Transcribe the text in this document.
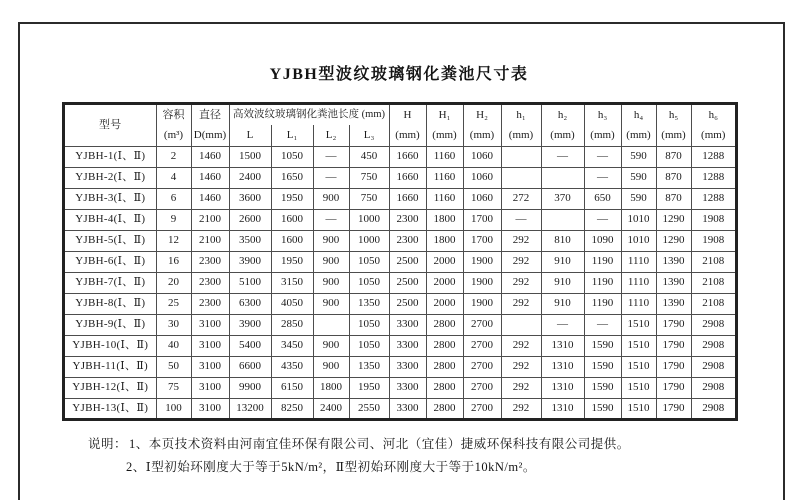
YJBH型波纹玻璃钢化粪池尺寸表
型号	容积	直径	高效波纹玻璃钢化粪池长度 (mm)				H	H₁	H₂	h₁	h₂	h₃	h₄	h₅	h₆
	(m³)	D(mm)	L	L₁	L₂	L₃	(mm)	(mm)	(mm)	(mm)	(mm)	(mm)	(mm)	(mm)	(mm)
YJBH-1(Ⅰ、Ⅱ)	2	1460	1500	1050	—	450	1660	1160	1060		—	—	590	870	1288
YJBH-2(Ⅰ、Ⅱ)	4	1460	2400	1650	—	750	1660	1160	1060			—	590	870	1288
YJBH-3(Ⅰ、Ⅱ)	6	1460	3600	1950	900	750	1660	1160	1060	272	370	650	590	870	1288
YJBH-4(Ⅰ、Ⅱ)	9	2100	2600	1600	—	1000	2300	1800	1700	—		—	1010	1290	1908
YJBH-5(Ⅰ、Ⅱ)	12	2100	3500	1600	900	1000	2300	1800	1700	292	810	1090	1010	1290	1908
YJBH-6(Ⅰ、Ⅱ)	16	2300	3900	1950	900	1050	2500	2000	1900	292	910	1190	1110	1390	2108
YJBH-7(Ⅰ、Ⅱ)	20	2300	5100	3150	900	1050	2500	2000	1900	292	910	1190	1110	1390	2108
YJBH-8(Ⅰ、Ⅱ)	25	2300	6300	4050	900	1350	2500	2000	1900	292	910	1190	1110	1390	2108
YJBH-9(Ⅰ、Ⅱ)	30	3100	3900	2850		1050	3300	2800	2700		—	—	1510	1790	2908
YJBH-10(Ⅰ、Ⅱ)	40	3100	5400	3450	900	1050	3300	2800	2700	292	1310	1590	1510	1790	2908
YJBH-11(Ⅰ、Ⅱ)	50	3100	6600	4350	900	1350	3300	2800	2700	292	1310	1590	1510	1790	2908
YJBH-12(Ⅰ、Ⅱ)	75	3100	9900	6150	1800	1950	3300	2800	2700	292	1310	1590	1510	1790	2908
YJBH-13(Ⅰ、Ⅱ)	100	3100	13200	8250	2400	2550	3300	2800	2700	292	1310	1590	1510	1790	2908
说明： 1、本页技术资料由河南宜佳环保有限公司、河北（宜佳）捷威环保科技有限公司提供。
2、Ⅰ型初始环刚度大于等于5kN/m²，Ⅱ型初始环刚度大于等于10kN/m²。
